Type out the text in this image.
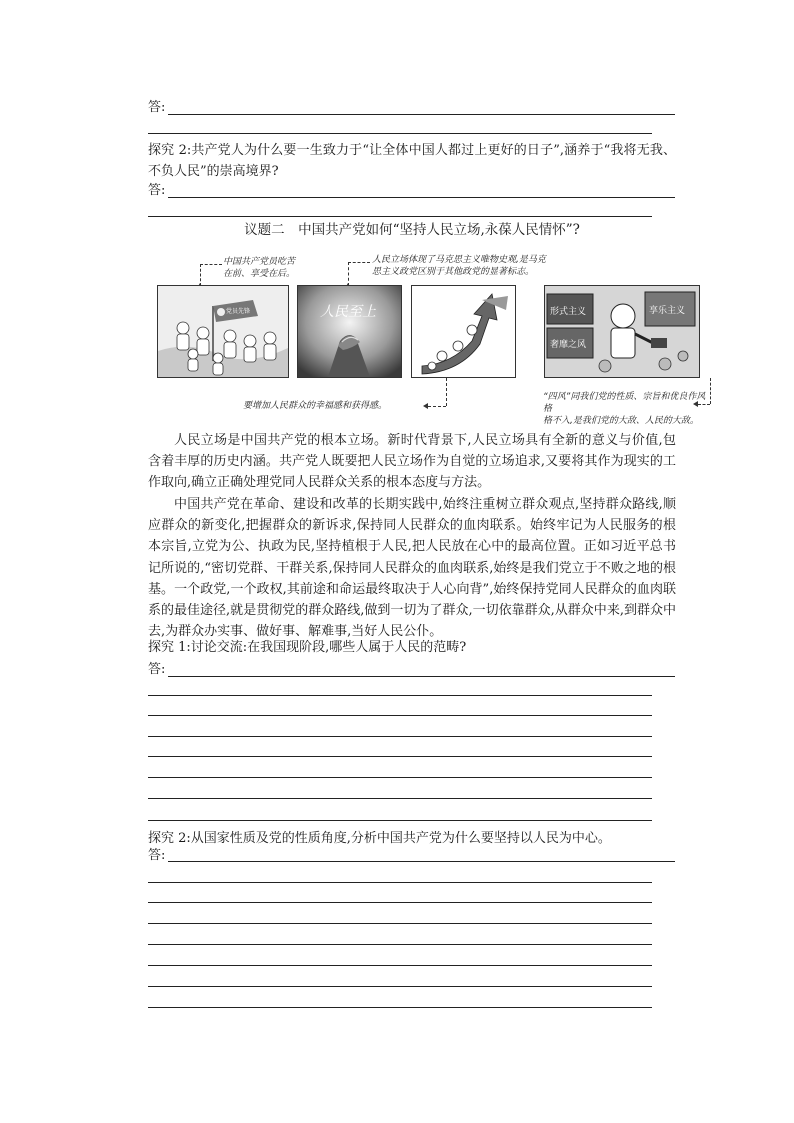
答:
探究 2:共产党人为什么要一生致力于“让全体中国人都过上更好的日子”,涵养于“我将无我、不负人民”的崇高境界?
答:
议题二　中国共产党如何“坚持人民立场,永葆人民情怀”?
中国共产党员吃苦
在前、享受在后。
人民立场体现了马克思主义唯物史观,是马克
思主义政党区别于其他政党的显著标志。
党员先锋	人民至上	形式主义	享乐主义
奢靡之风
要增加人民群众的幸福感和获得感。
“四风”同我们党的性质、宗旨和优良作风格
格不入,是我们党的大敌、人民的大敌。
人民立场是中国共产党的根本立场。新时代背景下,人民立场具有全新的意义与价值,包含着丰厚的历史内涵。共产党人既要把人民立场作为自觉的立场追求,又要将其作为现实的工作取向,确立正确处理党同人民群众关系的根本态度与方法。
中国共产党在革命、建设和改革的长期实践中,始终注重树立群众观点,坚持群众路线,顺应群众的新变化,把握群众的新诉求,保持同人民群众的血肉联系。始终牢记为人民服务的根本宗旨,立党为公、执政为民,坚持植根于人民,把人民放在心中的最高位置。正如习近平总书记所说的,“密切党群、干群关系,保持同人民群众的血肉联系,始终是我们党立于不败之地的根基。一个政党,一个政权,其前途和命运最终取决于人心向背”,始终保持党同人民群众的血肉联系的最佳途径,就是贯彻党的群众路线,做到一切为了群众,一切依靠群众,从群众中来,到群众中去,为群众办实事、做好事、解难事,当好人民公仆。
探究 1:讨论交流:在我国现阶段,哪些人属于人民的范畴?
答:
探究 2:从国家性质及党的性质角度,分析中国共产党为什么要坚持以人民为中心。
答:
